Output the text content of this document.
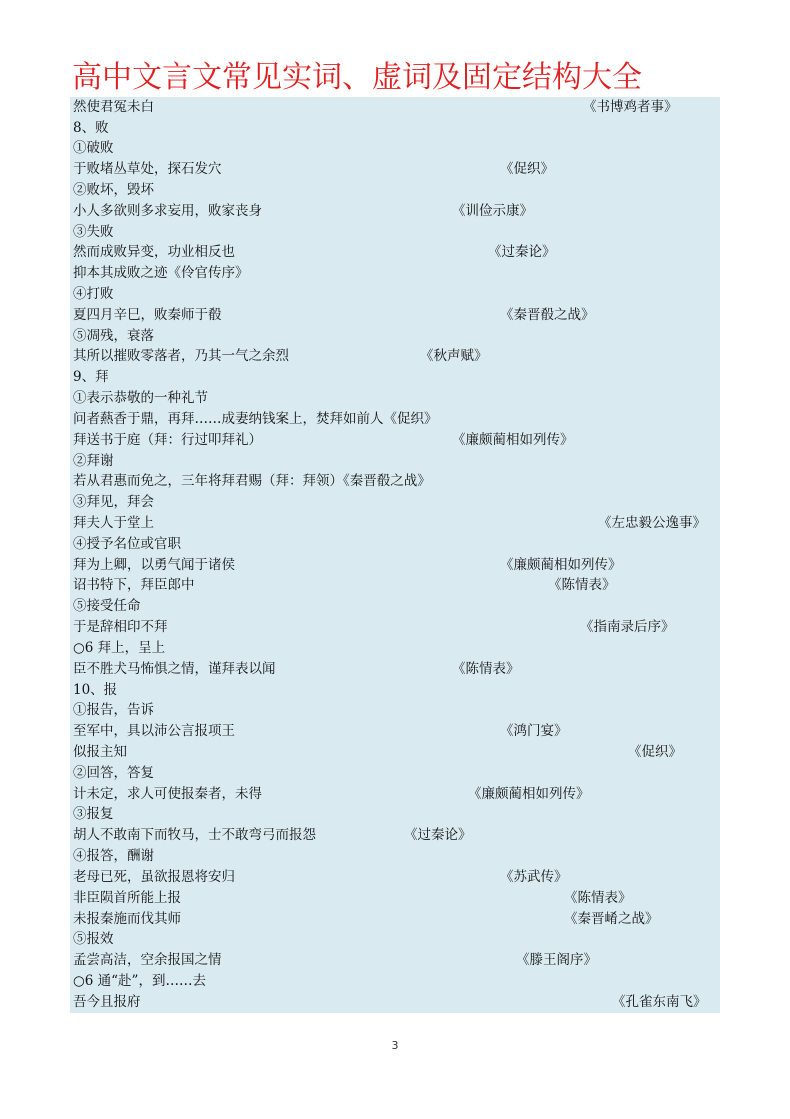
高中文言文常见实词、虚词及固定结构大全
然使君冤未白	《书博鸡者事》
8、败
①破败
于败堵丛草处，探石发穴	《促织》
②败坏，毁坏
小人多欲则多求妄用，败家丧身	《训俭示康》
③失败
然而成败异变，功业相反也	《过秦论》
抑本其成败之迹《伶官传序》
④打败
夏四月辛巳，败秦师于殽	《秦晋殽之战》
⑤凋残，衰落
其所以摧败零落者，乃其一气之余烈	《秋声赋》
9、拜
①表示恭敬的一种礼节
问者爇香于鼎，再拜……成妻纳钱案上，焚拜如前人《促织》
拜送书于庭（拜：行过叩拜礼）	《廉颇蔺相如列传》
②拜谢
若从君惠而免之，三年将拜君赐（拜：拜领）《秦晋殽之战》
③拜见，拜会
拜夫人于堂上	《左忠毅公逸事》
④授予名位或官职
拜为上卿，以勇气闻于诸侯	《廉颇蔺相如列传》
诏书特下，拜臣郎中	《陈情表》
⑤接受任命
于是辞相印不拜	《指南录后序》
○6 拜上，呈上
臣不胜犬马怖惧之情，谨拜表以闻	《陈情表》
10、报
①报告，告诉
至军中，具以沛公言报项王	《鸿门宴》
似报主知	《促织》
②回答，答复
计未定，求人可使报秦者，未得	《廉颇蔺相如列传》
③报复
胡人不敢南下而牧马，士不敢弯弓而报怨	《过秦论》
④报答，酬谢
老母已死，虽欲报恩将安归	《苏武传》
非臣陨首所能上报	《陈情表》
未报秦施而伐其师	《秦晋崤之战》
⑤报效
孟尝高洁，空余报国之情	《滕王阁序》
○6 通“赴”，到……去
吾今且报府	《孔雀东南飞》
3
